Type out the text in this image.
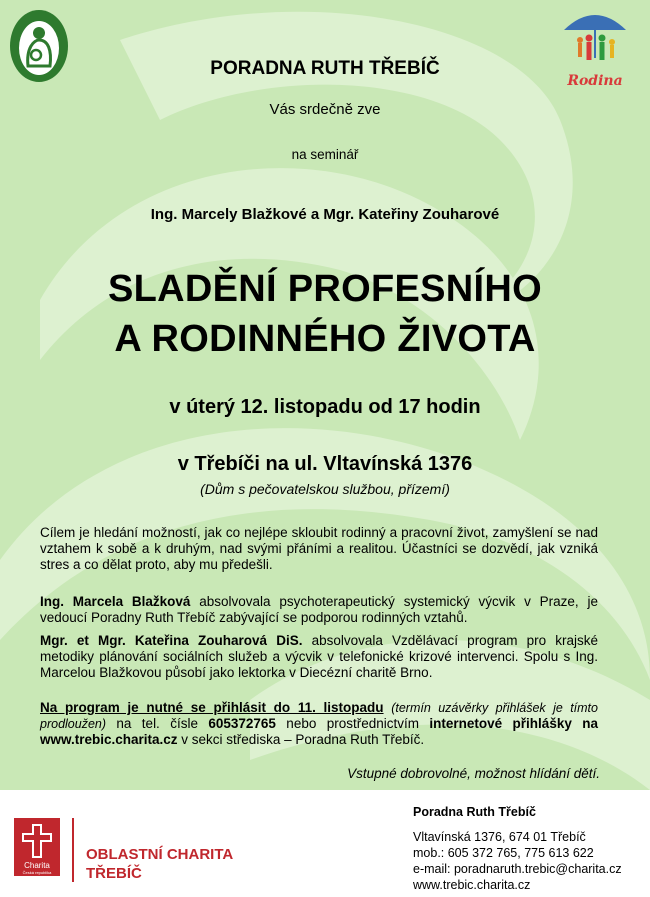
Rodina
PORADNA RUTH TŘEBÍČ
Vás srdečně zve
na seminář
Ing. Marcely Blažkové a Mgr. Kateřiny Zouharové
SLADĚNÍ PROFESNÍHO
A RODINNÉHO ŽIVOTA
v úterý 12. listopadu od 17 hodin
v Třebíči na ul. Vltavínská 1376
(Dům s pečovatelskou službou, přízemí)

Cílem je hledání možností, jak co nejlépe skloubit rodinný a pracovní život, zamyšlení se nad vztahem k sobě a k druhým, nad svými přáními a realitou. Účastníci se dozvědí, jak vzniká stres a co dělat proto, aby mu předešli.

Ing. Marcela Blažková absolvovala psychoterapeutický systemický výcvik v Praze, je vedoucí Poradny Ruth Třebíč zabývající se podporou rodinných vztahů.

Mgr. et Mgr. Kateřina Zouharová DiS. absolvovala Vzdělávací program pro krajské metodiky plánování sociálních služeb a výcvik v telefonické krizové intervenci. Spolu s Ing. Marcelou Blažkovou působí jako lektorka v Diecézní charitě Brno.

Na program je nutné se přihlásit do 11. listopadu (termín uzávěrky přihlášek je tímto prodloužen) na tel. čísle 605372765 nebo prostřednictvím internetové přihlášky na www.trebic.charita.cz v sekci střediska – Poradna Ruth Třebíč.

Vstupné dobrovolné, možnost hlídání dětí.
Charita
Česká republika
OBLASTNÍ CHARITA
TŘEBÍČ
Poradna Ruth Třebíč
Vltavínská 1376, 674 01 Třebíč
mob.: 605 372 765, 775 613 622
e-mail: poradnaruth.trebic@charita.cz
www.trebic.charita.cz
